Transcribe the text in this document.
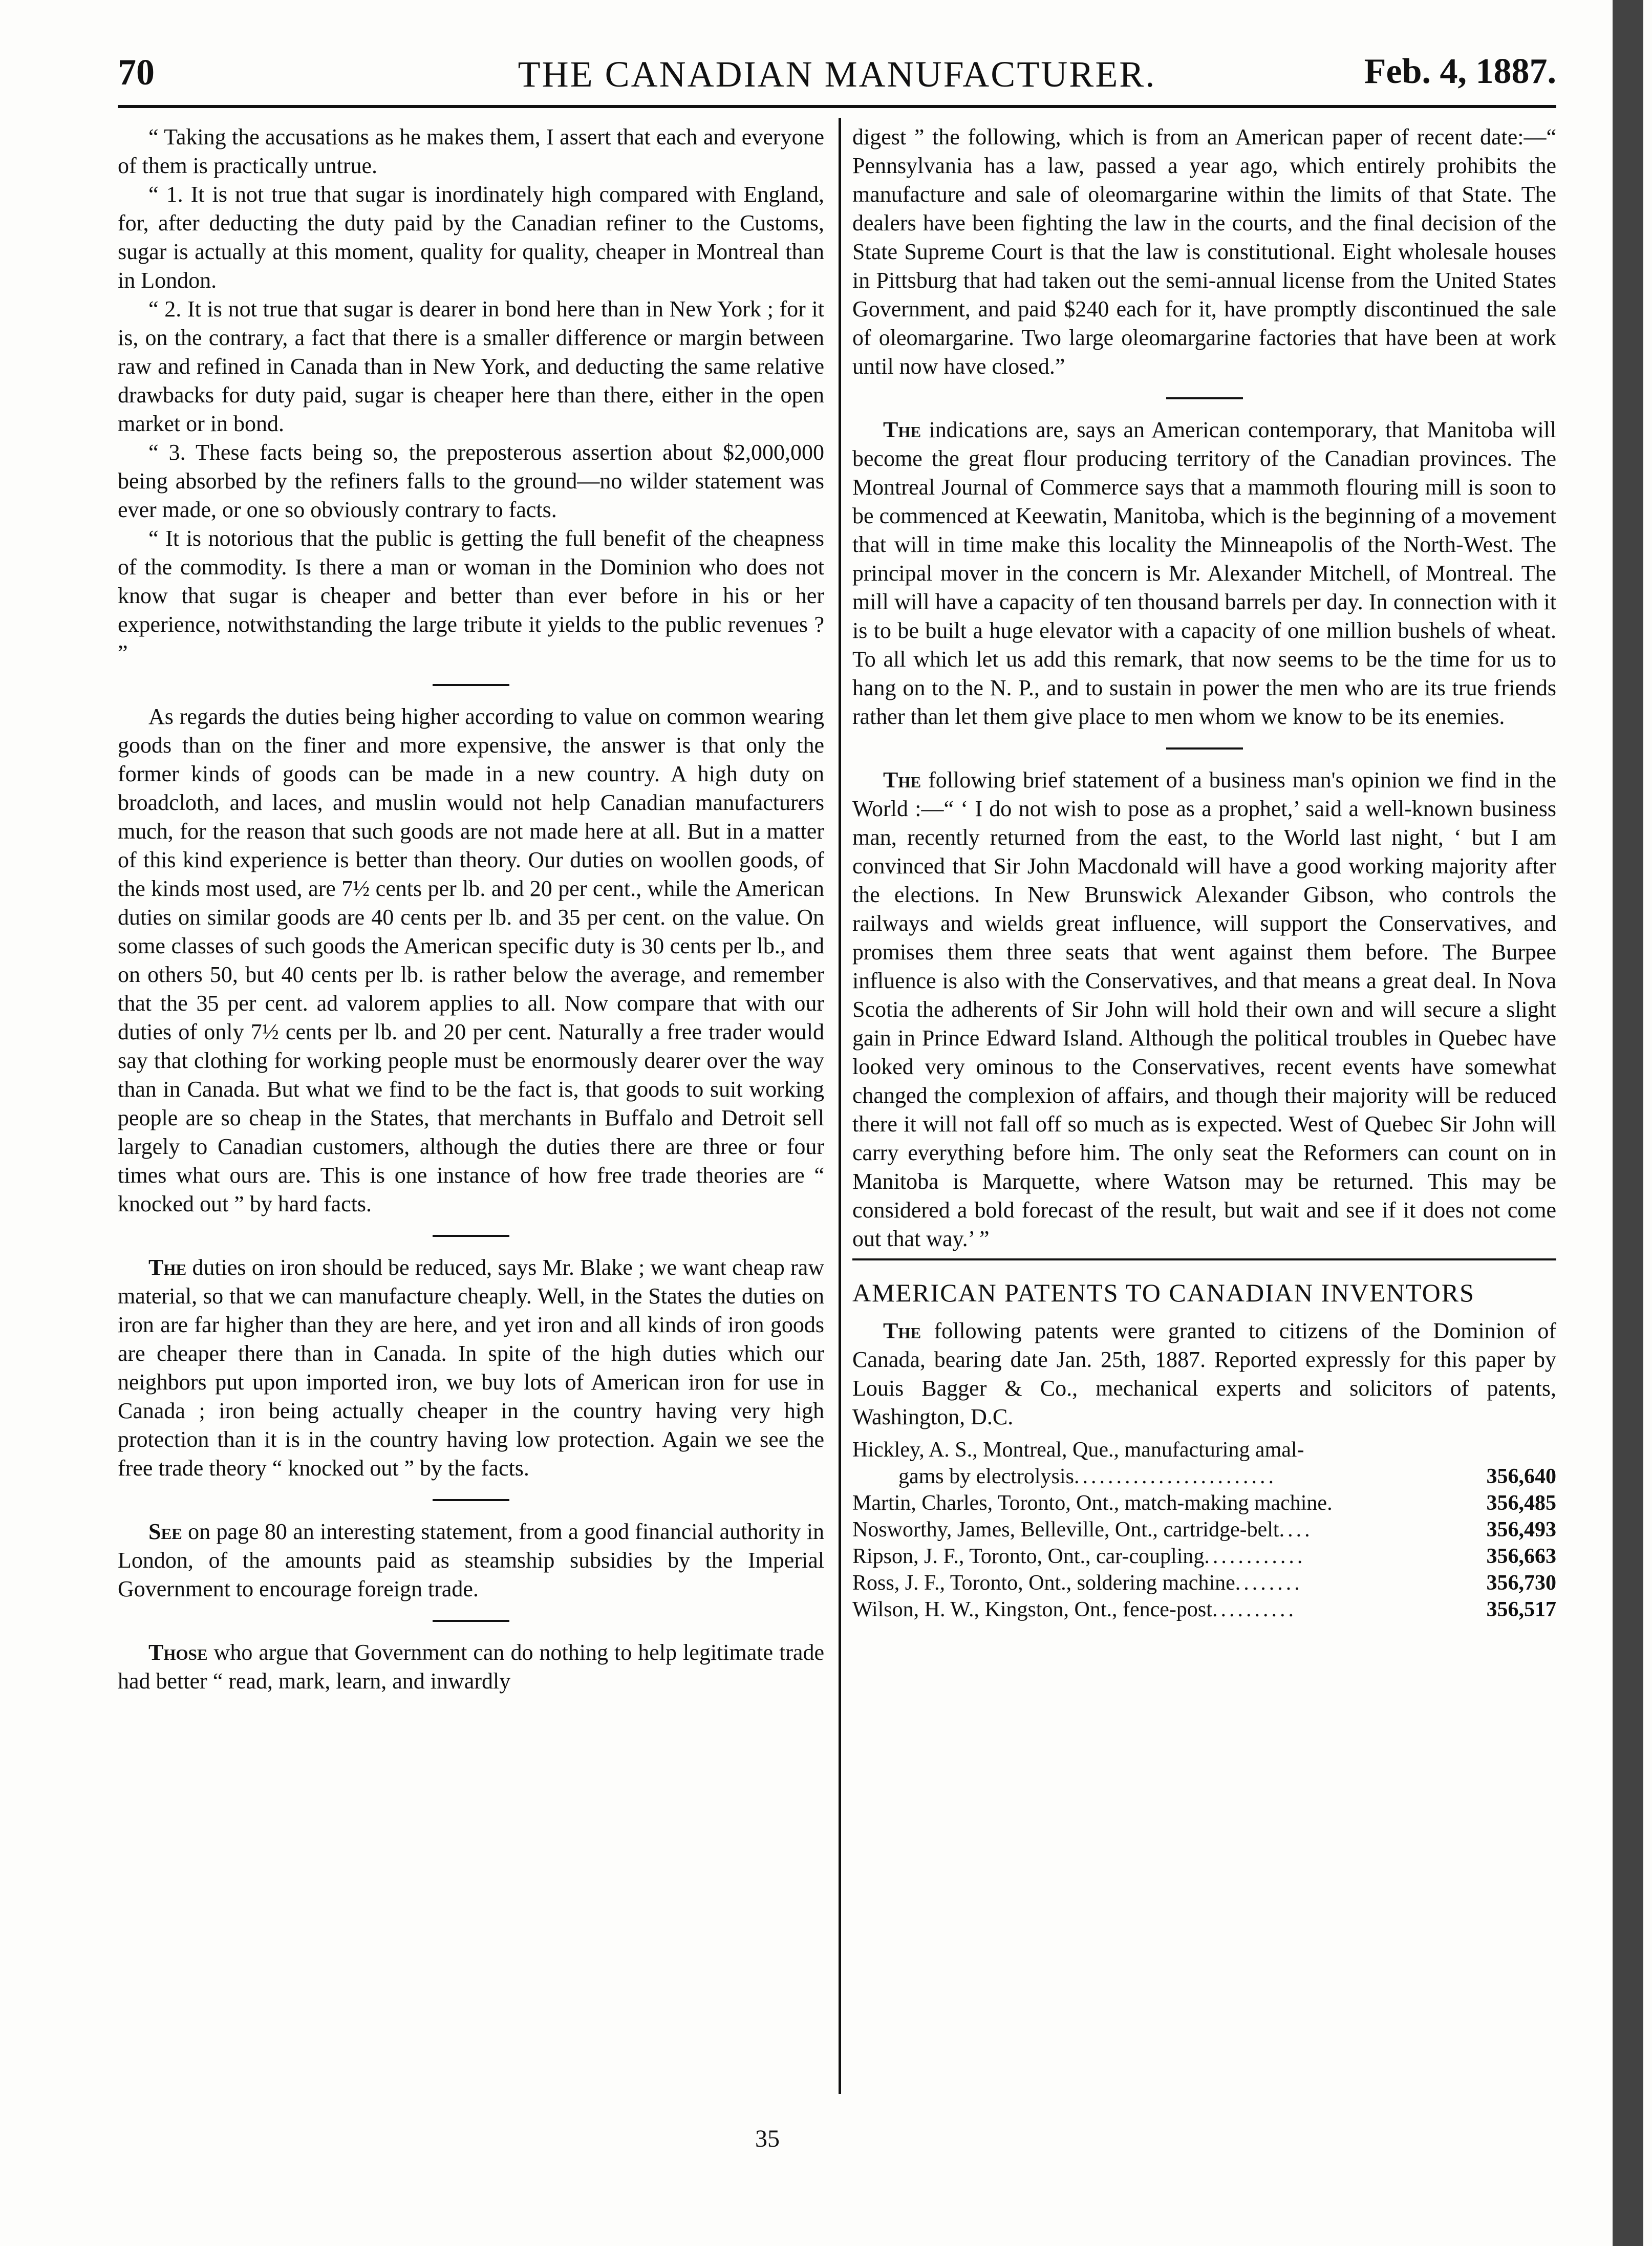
70	THE CANADIAN MANUFACTURER.	Feb. 4, 1887.

“ Taking the accusations as he makes them, I assert that each and everyone of them is practically untrue.

“ 1. It is not true that sugar is inordinately high compared with England, for, after deducting the duty paid by the Canadian refiner to the Customs, sugar is actually at this moment, quality for quality, cheaper in Montreal than in London.

“ 2. It is not true that sugar is dearer in bond here than in New York ; for it is, on the contrary, a fact that there is a smaller difference or margin between raw and refined in Canada than in New York, and deducting the same relative drawbacks for duty paid, sugar is cheaper here than there, either in the open market or in bond.

“ 3. These facts being so, the preposterous assertion about $2,000,000 being absorbed by the refiners falls to the ground—no wilder statement was ever made, or one so obviously contrary to facts.

“ It is notorious that the public is getting the full benefit of the cheapness of the commodity. Is there a man or woman in the Dominion who does not know that sugar is cheaper and better than ever before in his or her experience, notwithstanding the large tribute it yields to the public revenues ? ”

As regards the duties being higher according to value on common wearing goods than on the finer and more expensive, the answer is that only the former kinds of goods can be made in a new country. A high duty on broadcloth, and laces, and muslin would not help Canadian manufacturers much, for the reason that such goods are not made here at all. But in a matter of this kind experience is better than theory. Our duties on woollen goods, of the kinds most used, are 7½ cents per lb. and 20 per cent., while the American duties on similar goods are 40 cents per lb. and 35 per cent. on the value. On some classes of such goods the American specific duty is 30 cents per lb., and on others 50, but 40 cents per lb. is rather below the average, and remember that the 35 per cent. ad valorem applies to all. Now compare that with our duties of only 7½ cents per lb. and 20 per cent. Naturally a free trader would say that clothing for working people must be enormously dearer over the way than in Canada. But what we find to be the fact is, that goods to suit working people are so cheap in the States, that merchants in Buffalo and Detroit sell largely to Canadian customers, although the duties there are three or four times what ours are. This is one instance of how free trade theories are “ knocked out ” by hard facts.

The duties on iron should be reduced, says Mr. Blake ; we want cheap raw material, so that we can manufacture cheaply. Well, in the States the duties on iron are far higher than they are here, and yet iron and all kinds of iron goods are cheaper there than in Canada. In spite of the high duties which our neighbors put upon imported iron, we buy lots of American iron for use in Canada ; iron being actually cheaper in the country having very high protection than it is in the country having low protection. Again we see the free trade theory “ knocked out ” by the facts.

See on page 80 an interesting statement, from a good financial authority in London, of the amounts paid as steamship subsidies by the Imperial Government to encourage foreign trade.

Those who argue that Government can do nothing to help legitimate trade had better “ read, mark, learn, and inwardly

digest ” the following, which is from an American paper of recent date:—“ Pennsylvania has a law, passed a year ago, which entirely prohibits the manufacture and sale of oleomargarine within the limits of that State. The dealers have been fighting the law in the courts, and the final decision of the State Supreme Court is that the law is constitutional. Eight wholesale houses in Pittsburg that had taken out the semi-annual license from the United States Government, and paid $240 each for it, have promptly discontinued the sale of oleomargarine. Two large oleomargarine factories that have been at work until now have closed.”

The indications are, says an American contemporary, that Manitoba will become the great flour producing territory of the Canadian provinces. The Montreal Journal of Commerce says that a mammoth flouring mill is soon to be commenced at Keewatin, Manitoba, which is the beginning of a movement that will in time make this locality the Minneapolis of the North-West. The principal mover in the concern is Mr. Alexander Mitchell, of Montreal. The mill will have a capacity of ten thousand barrels per day. In connection with it is to be built a huge elevator with a capacity of one million bushels of wheat. To all which let us add this remark, that now seems to be the time for us to hang on to the N. P., and to sustain in power the men who are its true friends rather than let them give place to men whom we know to be its enemies.

The following brief statement of a business man's opinion we find in the World :—“ ‘ I do not wish to pose as a prophet,’ said a well-known business man, recently returned from the east, to the World last night, ‘ but I am convinced that Sir John Macdonald will have a good working majority after the elections. In New Brunswick Alexander Gibson, who controls the railways and wields great influence, will support the Conservatives, and promises them three seats that went against them before. The Burpee influence is also with the Conservatives, and that means a great deal. In Nova Scotia the adherents of Sir John will hold their own and will secure a slight gain in Prince Edward Island. Although the political troubles in Quebec have looked very ominous to the Conservatives, recent events have somewhat changed the complexion of affairs, and though their majority will be reduced there it will not fall off so much as is expected. West of Quebec Sir John will carry everything before him. The only seat the Reformers can count on in Manitoba is Marquette, where Watson may be returned. This may be considered a bold forecast of the result, but wait and see if it does not come out that way.’ ”

AMERICAN PATENTS TO CANADIAN INVENTORS

The following patents were granted to citizens of the Dominion of Canada, bearing date Jan. 25th, 1887. Reported expressly for this paper by Louis Bagger & Co., mechanical experts and solicitors of patents, Washington, D.C.

Hickley, A. S., Montreal, Que., manufacturing amal-
gams by electrolysis ........................	356,640
Martin, Charles, Toronto, Ont., match-making machine.	356,485
Nosworthy, James, Belleville, Ont., cartridge-belt ....	356,493
Ripson, J. F., Toronto, Ont., car-coupling ............	356,663
Ross, J. F., Toronto, Ont., soldering machine ........	356,730
Wilson, H. W., Kingston, Ont., fence-post ..........	356,517
35
